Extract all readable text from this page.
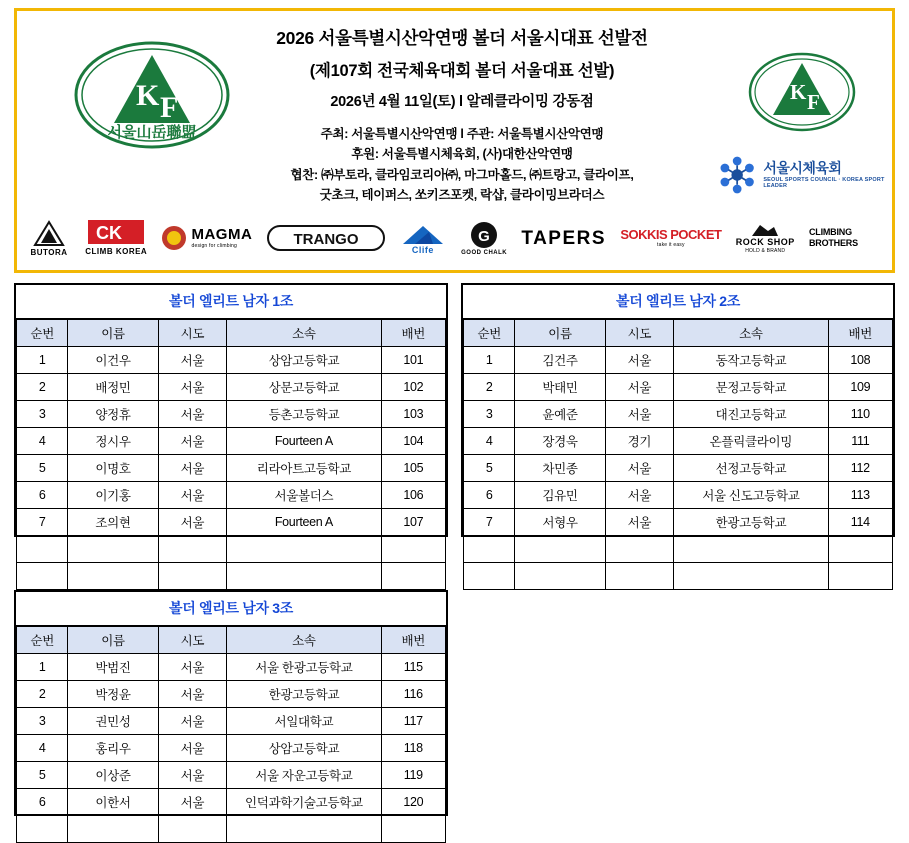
K F
서울山岳聯盟
2026 서울특별시산악연맹 볼더 서울시대표 선발전
(제107회 전국체육대회 볼더 서울대표 선발)
2026년 4월 11일(토) l 알레클라이밍 강동점
주최: 서울특별시산악연맹 l 주관: 서울특별시산악연맹
후원: 서울특별시체육회, (사)대한산악연맹
협찬: ㈜부토라, 클라임코리아㈜, 마그마홀드, ㈜트랑고, 클라이프,
굿초크, 테이퍼스, 쏘키즈포켓, 락샵, 클라이밍브라더스
K F
서울시체육회
SEOUL SPORTS COUNCIL · KOREA SPORT LEADER
BUTORA
CK
CLIMB KOREA
MAGMA
design for climbing	TRANGO
Clife
G
GOOD CHALK
TAPERS SOKKIS POCKET
take it easy	ROCK SHOP
HOLD & BRAND
CLIMBING BROTHERS
볼더 엘리트 남자 1조
순번	이름	시도	소속	배번
1	이건우	서울	상암고등학교	101
2	배정민	서울	상문고등학교	102
3	양정휴	서울	등촌고등학교	103
4	정시우	서울	Fourteen A	104
5	이명호	서울	리라아트고등학교	105
6	이기홍	서울	서울볼더스	106
7	조의현	서울	Fourteen A	107

볼더 엘리트 남자 2조
순번	이름	시도	소속	배번
1	김건주	서울	동작고등학교	108
2	박태민	서울	문정고등학교	109
3	윤예준	서울	대진고등학교	110
4	장경욱	경기	온플릭클라이밍	111
5	차민종	서울	선정고등학교	112
6	김유민	서울	서울 신도고등학교	113
7	서형우	서울	한광고등학교	114

볼더 엘리트 남자 3조
순번	이름	시도	소속	배번
1	박범진	서울	서울 한광고등학교	115
2	박정윤	서울	한광고등학교	116
3	권민성	서울	서일대학교	117
4	홍리우	서울	상암고등학교	118
5	이상준	서울	서울 자운고등학교	119
6	이한서	서울	인덕과학기술고등학교	120
